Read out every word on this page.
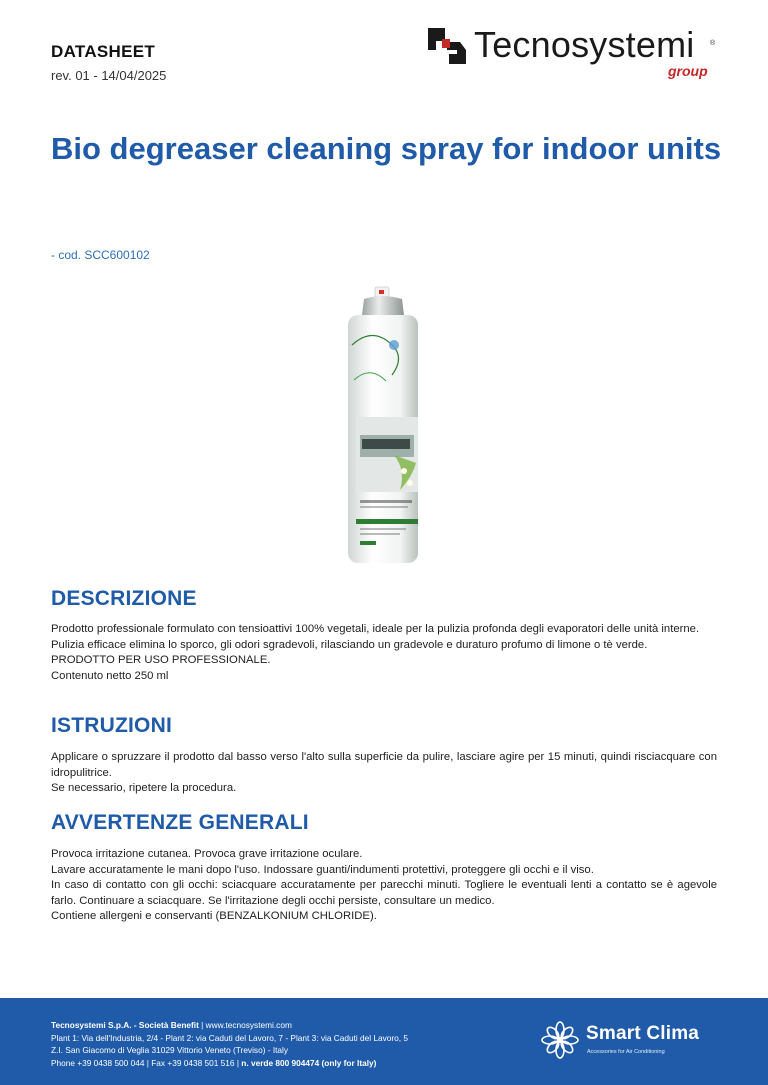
DATASHEET
rev. 01 - 14/04/2025
Tecnosystemi ®
group
Bio degreaser cleaning spray for indoor units
- cod. SCC600102
DESCRIZIONE

Prodotto professionale formulato con tensioattivi 100% vegetali, ideale per la pulizia profonda degli evaporatori delle unità interne.

Pulizia efficace elimina lo sporco, gli odori sgradevoli, rilasciando un gradevole e duraturo profumo di limone o tè verde.

PRODOTTO PER USO PROFESSIONALE.

Contenuto netto 250 ml

ISTRUZIONI

Applicare o spruzzare il prodotto dal basso verso l'alto sulla superficie da pulire, lasciare agire per 15 minuti, quindi risciacquare con idropulitrice.

Se necessario, ripetere la procedura.

AVVERTENZE GENERALI

Provoca irritazione cutanea. Provoca grave irritazione oculare.

Lavare accuratamente le mani dopo l'uso. Indossare guanti/indumenti protettivi, proteggere gli occhi e il viso.

In caso di contatto con gli occhi: sciacquare accuratamente per parecchi minuti. Togliere le eventuali lenti a contatto se è agevole farlo. Continuare a sciacquare. Se l'irritazione degli occhi persiste, consultare un medico.

Contiene allergeni e conservanti (BENZALKONIUM CHLORIDE).

Tecnosystemi S.p.A. - Società Benefit | www.tecnosystemi.com
Plant 1: Via dell'Industria, 2/4 - Plant 2: via Caduti del Lavoro, 7 - Plant 3: via Caduti del Lavoro, 5
Z.I. San Giacomo di Veglia 31029 Vittorio Veneto (Treviso) - Italy
Phone +39 0438 500 044 | Fax +39 0438 501 516 | n. verde 800 904474 (only for Italy)
Smart Clima
Accessories for Air Conditioning
